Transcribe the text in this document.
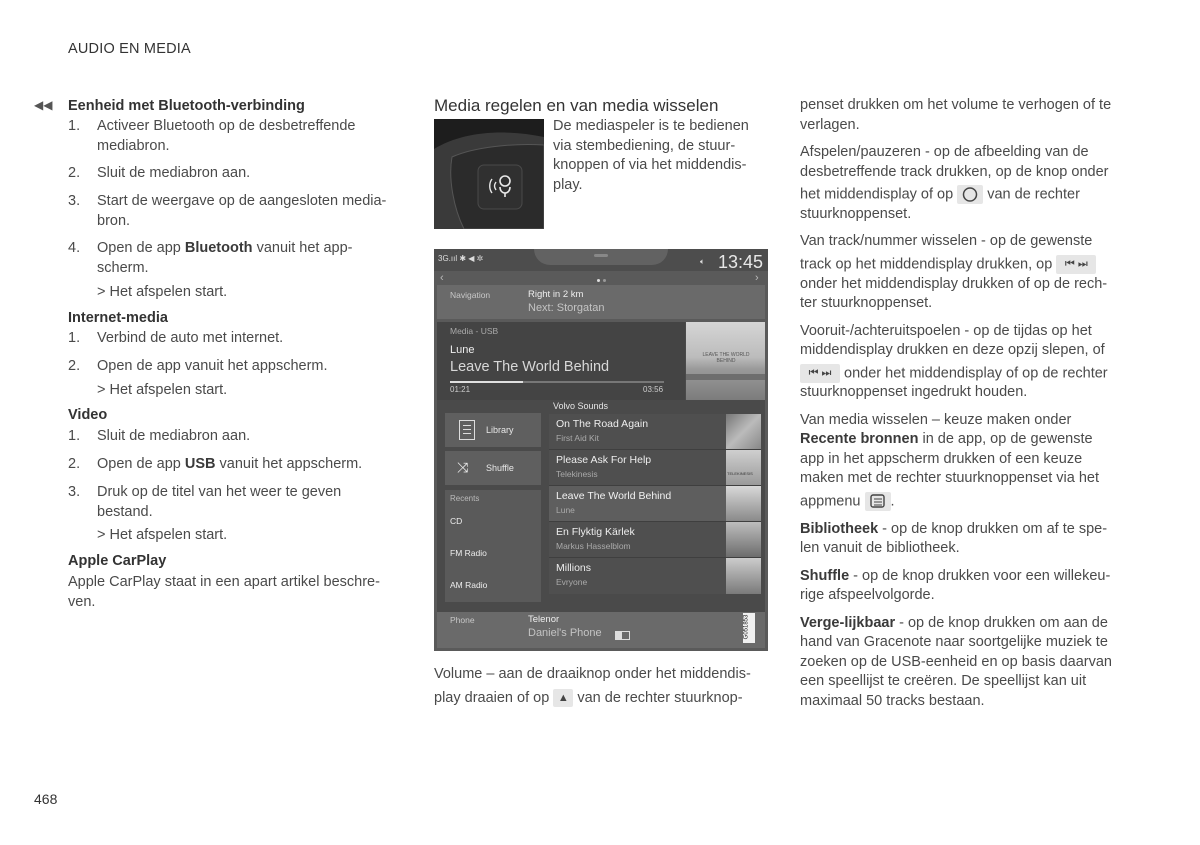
AUDIO EN MEDIA
468
◀◀ Eenheid met Bluetooth-verbinding
1. Activeer Bluetooth op de desbetreffende
mediabron.
2. Sluit de mediabron aan.
3. Start de weergave op de aangesloten media-
bron.
4. Open de app Bluetooth vanuit het app-
scherm.
> Het afspelen start.
Internet-media
1. Verbind de auto met internet.
2. Open de app vanuit het appscherm.
> Het afspelen start.
Video
1. Sluit de mediabron aan.
2. Open de app USB vanuit het appscherm.
3. Druk op de titel van het weer te geven
bestand.
> Het afspelen start.
Apple CarPlay
Apple CarPlay staat in een apart artikel beschre-
ven.
Media regelen en van media wisselen
De mediaspeler is te bedienen
via stembediening, de stuur-
knoppen of via het middendis-
play.
3G.ııl ✱ ◀ ✲	🔈︎ 13:45
‹	›
Navigation	Right in 2 km
Next: Storgatan
Media - USB
Lune
Leave The World Behind
01:21	03:56
LEAVE THE WORLD BEHIND
Library
⤨ Shuffle
Recents
CD
FM Radio
AM Radio
Volvo Sounds
On The Road Again
First Aid Kit
Please Ask For Help
Telekinesis	TELEKINESIS
Leave The World Behind
Lune
En Flyktig Kärlek
Markus Hasselblom
Millions
Evryone
Phone	Telenor
Daniel's Phone	G051853
Volume – aan de draaiknop onder het middendis-
play draaien of op ▲ van de rechter stuurknop-
penset drukken om het volume te verhogen of te
verlagen.
Afspelen/pauzeren - op de afbeelding van de
desbetreffende track drukken, op de knop onder
het middendisplay of op van de rechter
stuurknoppenset.
Van track/nummer wisselen - op de gewenste
track op het middendisplay drukken, op ⏮ ⏭
onder het middendisplay drukken of op de rech-
ter stuurknoppenset.
Vooruit-/achteruitspoelen - op de tijdas op het
middendisplay drukken en deze opzij slepen, of
⏮ ⏭ onder het middendisplay of op de rechter
stuurknoppenset ingedrukt houden.
Van media wisselen – keuze maken onder
Recente bronnen in de app, op de gewenste
app in het appscherm drukken of een keuze
maken met de rechter stuurknoppenset via het
appmenu .
Bibliotheek - op de knop drukken om af te spe-
len vanuit de bibliotheek.
Shuffle - op de knop drukken voor een willekeu-
rige afspeelvolgorde.
Verge-lijkbaar - op de knop drukken om aan de
hand van Gracenote naar soortgelijke muziek te
zoeken op de USB-eenheid en op basis daarvan
een speellijst te creëren. De speellijst kan uit
maximaal 50 tracks bestaan.
